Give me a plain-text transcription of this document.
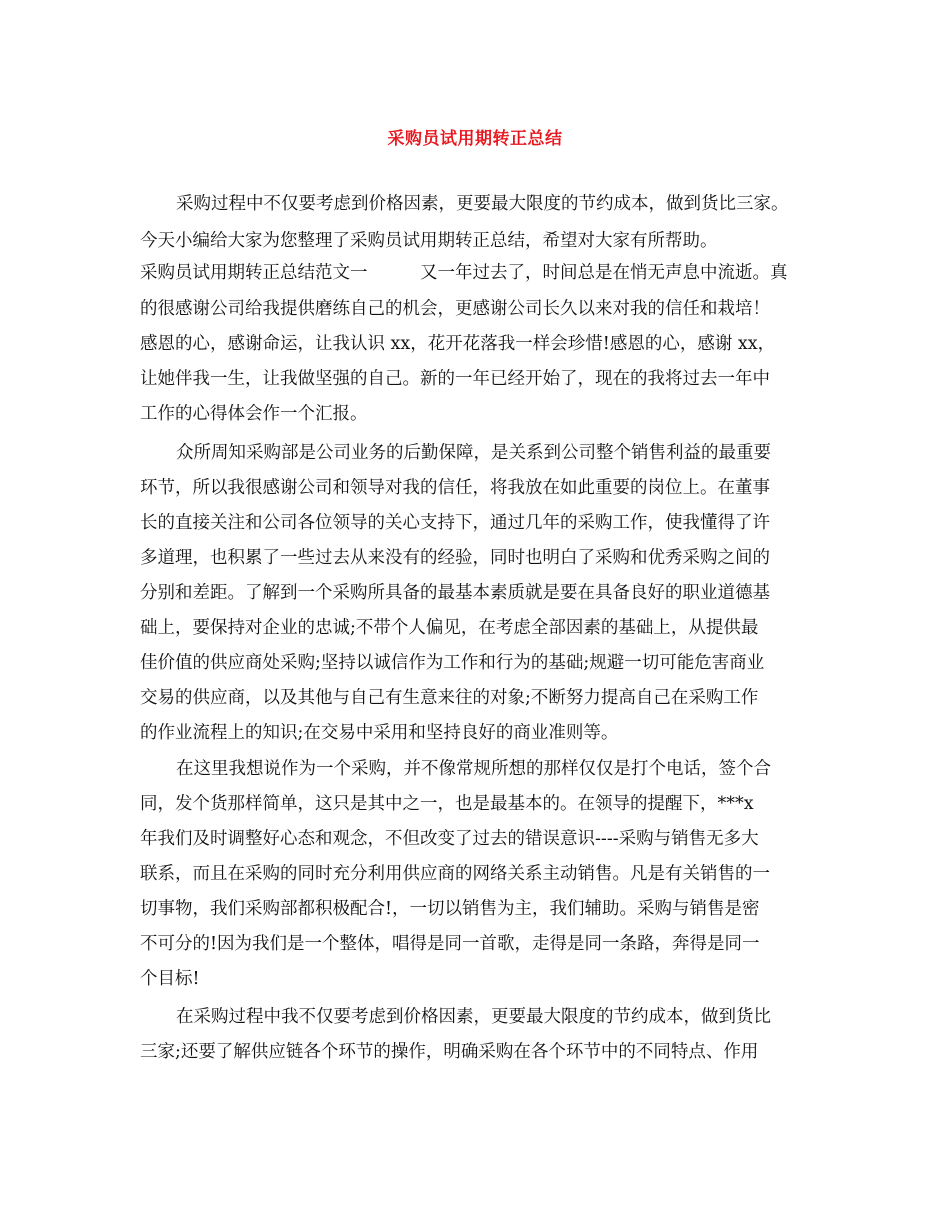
采购员试用期转正总结
采购过程中不仅要考虑到价格因素，更要最大限度的节约成本，做到货比三家。
今天小编给大家为您整理了采购员试用期转正总结，希望对大家有所帮助。
采购员试用期转正总结范文一　　　又一年过去了，时间总是在悄无声息中流逝。真
的很感谢公司给我提供磨练自己的机会，更感谢公司长久以来对我的信任和栽培！
感恩的心，感谢命运，让我认识 xx，花开花落我一样会珍惜!感恩的心，感谢 xx，
让她伴我一生，让我做坚强的自己。新的一年已经开始了，现在的我将过去一年中
工作的心得体会作一个汇报。
众所周知采购部是公司业务的后勤保障，是关系到公司整个销售利益的最重要
环节，所以我很感谢公司和领导对我的信任，将我放在如此重要的岗位上。在董事
长的直接关注和公司各位领导的关心支持下，通过几年的采购工作，使我懂得了许
多道理，也积累了一些过去从来没有的经验，同时也明白了采购和优秀采购之间的
分别和差距。了解到一个采购所具备的最基本素质就是要在具备良好的职业道德基
础上，要保持对企业的忠诚;不带个人偏见，在考虑全部因素的基础上，从提供最
佳价值的供应商处采购;坚持以诚信作为工作和行为的基础;规避一切可能危害商业
交易的供应商，以及其他与自己有生意来往的对象;不断努力提高自己在采购工作
的作业流程上的知识;在交易中采用和坚持良好的商业准则等。
在这里我想说作为一个采购，并不像常规所想的那样仅仅是打个电话，签个合
同，发个货那样简单，这只是其中之一，也是最基本的。在领导的提醒下，***x
年我们及时调整好心态和观念，不但改变了过去的错误意识----采购与销售无多大
联系，而且在采购的同时充分利用供应商的网络关系主动销售。凡是有关销售的一
切事物，我们采购部都积极配合!，一切以销售为主，我们辅助。采购与销售是密
不可分的!因为我们是一个整体，唱得是同一首歌，走得是同一条路，奔得是同一
个目标!
在采购过程中我不仅要考虑到价格因素，更要最大限度的节约成本，做到货比
三家;还要了解供应链各个环节的操作，明确采购在各个环节中的不同特点、作用
